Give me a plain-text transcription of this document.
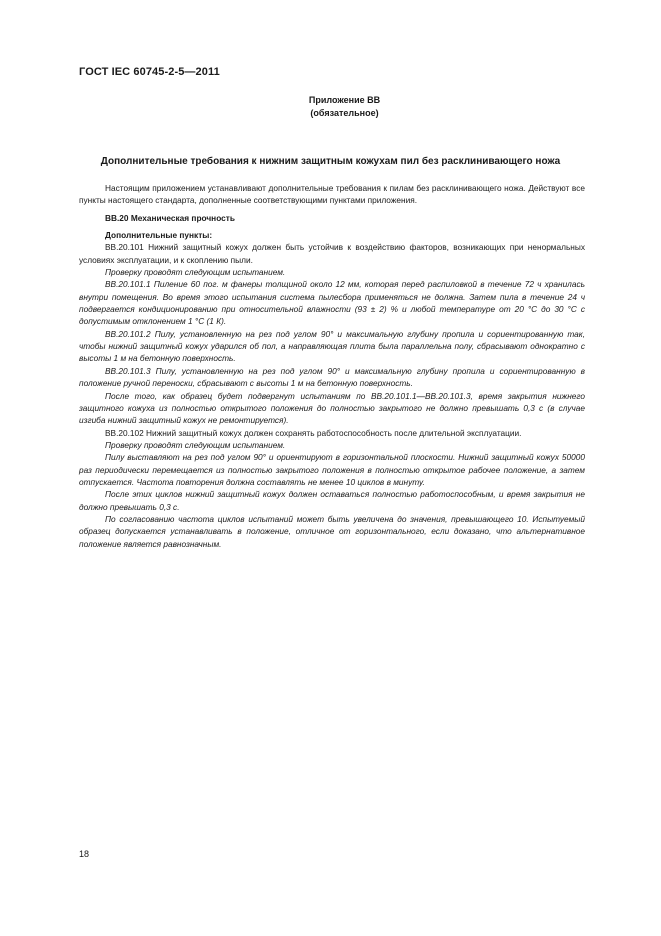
ГОСТ IEC 60745-2-5—2011
Приложение ВВ
(обязательное)
Дополнительные требования к нижним защитным кожухам пил без расклинивающего ножа

Настоящим приложением устанавливают дополнительные требования к пилам без расклинивающего ножа. Действуют все пункты настоящего стандарта, дополненные соответствующими пунктами приложения.

ВВ.20 Механическая прочность

Дополнительные пункты:

ВВ.20.101 Нижний защитный кожух должен быть устойчив к воздействию факторов, возникающих при ненормальных условиях эксплуатации, и к скоплению пыли.

Проверку проводят следующим испытанием.

ВВ.20.101.1 Пиление 60 пог. м фанеры толщиной около 12 мм, которая перед распиловкой в течение 72 ч хранилась внутри помещения. Во время этого испытания система пылесбора применяться не должна. Затем пила в течение 24 ч подвергается кондиционированию при относительной влажности (93 ± 2) % и любой температуре от 20 °С до 30 °С с допустимым отклонением 1 °С (1 К).

ВВ.20.101.2 Пилу, установленную на рез под углом 90° и максимальную глубину пропила и сориентированную так, чтобы нижний защитный кожух ударился об пол, а направляющая плита была параллельна полу, сбрасывают однократно с высоты 1 м на бетонную поверхность.

ВВ.20.101.3 Пилу, установленную на рез под углом 90° и максимальную глубину пропила и сориентированную в положение ручной переноски, сбрасывают с высоты 1 м на бетонную поверхность.

После того, как образец будет подвергнут испытаниям по ВВ.20.101.1—ВВ.20.101.3, время закрытия нижнего защитного кожуха из полностью открытого положения до полностью закрытого не должно превышать 0,3 с (в случае изгиба нижний защитный кожух не ремонтируется).

ВВ.20.102 Нижний защитный кожух должен сохранять работоспособность после длительной эксплуатации.

Проверку проводят следующим испытанием.

Пилу выставляют на рез под углом 90° и ориентируют в горизонтальной плоскости. Нижний защитный кожух 50000 раз периодически перемещается из полностью закрытого положения в полностью открытое рабочее положение, а затем отпускается. Частота повторения должна составлять не менее 10 циклов в минуту.

После этих циклов нижний защитный кожух должен оставаться полностью работоспособным, и время закрытия не должно превышать 0,3 с.

По согласованию частота циклов испытаний может быть увеличена до значения, превышающего 10. Испытуемый образец допускается устанавливать в положение, отличное от горизонтального, если доказано, что альтернативное положение является равнозначным.

18
